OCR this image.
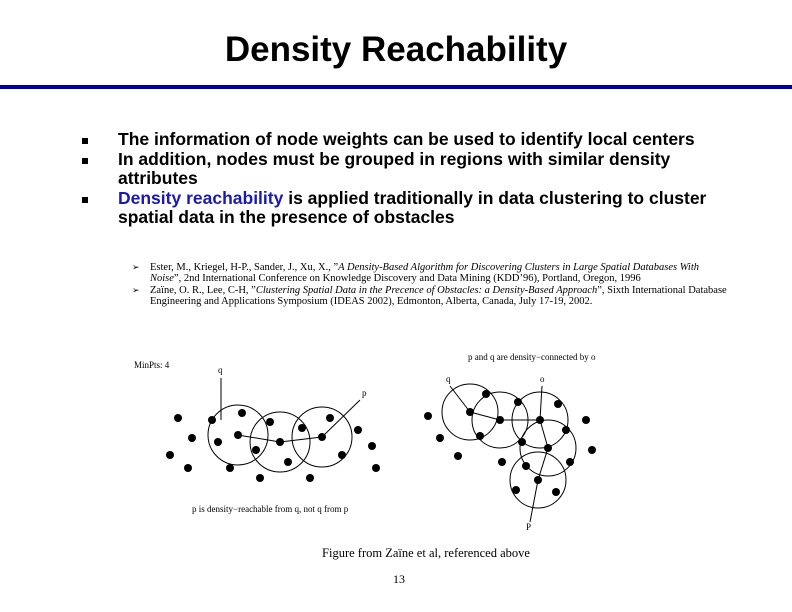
Density Reachability
The information of node weights can be used to identify local centers
In addition, nodes must be grouped in regions with similar density attributes
Density reachability is applied traditionally in data clustering to cluster spatial data in the presence of obstacles
➢ Ester, M., Kriegel, H-P., Sander, J., Xu, X., ”A Density-Based Algorithm for Discovering Clusters in Large Spatial Databases With Noise”, 2nd International Conference on Knowledge Discovery and Data Mining (KDD’96), Portland, Oregon, 1996
➢ Zaïne, O. R., Lee, C-H, ”Clustering Spatial Data in the Precence of Obstacles: a Density-Based Approach”, Sixth International Database Engineering and Applications Symposium (IDEAS 2002), Edmonton, Alberta, Canada, July 17-19, 2002.
MinPts: 4	q
p
p is density−reachable from q, not q from p
p and q are density−connected by o
q	o
P
Figure from Zaïne et al, referenced above
13
